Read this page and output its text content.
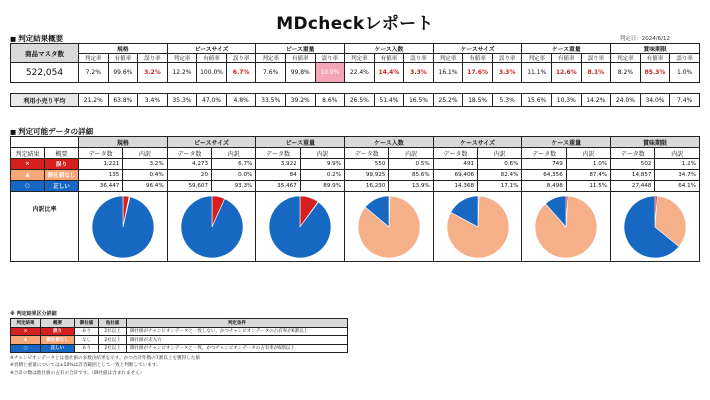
MDcheckレポート
判定日：2024/6/12
■ 判定結果概要
商品マスタ数	規格			ピースサイズ			ピース重量			ケース入数			ケースサイズ			ケース重量			賞味期限		
	判定率	有値率	誤り率	判定率	有値率	誤り率	判定率	有値率	誤り率	判定率	有値率	誤り率	判定率	有値率	誤り率	判定率	有値率	誤り率	判定率	有値率	誤り率
522,054	7.2%	99.6%	3.2%	12.2%	100.0%	6.7%	7.6%	99.8%	10.0%	22.4%	14.4%	3.3%	16.1%	17.6%	3.3%	11.1%	12.6%	8.1%	8.2%	85.3%	1.0%
利用小売り平均	21.2%	63.8%	3.4%	35.3%	47.0%	4.8%	33.5%	39.2%	8.6%	26.5%	51.4%	16.5%	25.2%	18.5%	5.3%	15.6%	10.3%	14.2%	24.0%	34.0%	7.4%
■ 判定可能データの詳細
		規格		ピースサイズ		ピース重量		ケース入数		ケースサイズ		ケース重量		賞味期限	
判定結果	概要	データ数	内訳	データ数	内訳	データ数	内訳	データ数	内訳	データ数	内訳	データ数	内訳	データ数	内訳
×	誤り	1,221	3.2%	4,273	6.7%	3,922	9.9%	550	0.5%	491	0.6%	749	1.0%	502	1.2%
▲	御社値なし	135	0.4%	20	0.0%	84	0.2%	99,925	85.6%	69,406	82.4%	64,356	87.4%	14,857	34.7%
○	正しい	36,447	96.4%	59,607	93.3%	35,467	89.9%	16,230	13.9%	14,368	17.1%	8,498	11.5%	27,448	64.1%
内訳比率	

※ 判定結果区分詳細
判定結果	概要	御社値	他社値	判定条件
×	誤り	あり	2社以上	御社値がチャンピオンデータと一致しない、かつチャンピオンデータの占有率が6割以上
▲	御社値なし	なし	2社以上	御社値が未入力
○	正しい	あり	2社以上	御社値がチャンピオンデータと一致、かつチャンピオンデータの占有率が6割以上
※チャンピオンデータとは他社値の多数決結果を示す。かつ合計件数の7割以上を獲得した値
※容積と重量については±10%は許容範囲として一致と判断しています。
※合計の数は他社値の占有の合計です。（御社値は含まれません）
